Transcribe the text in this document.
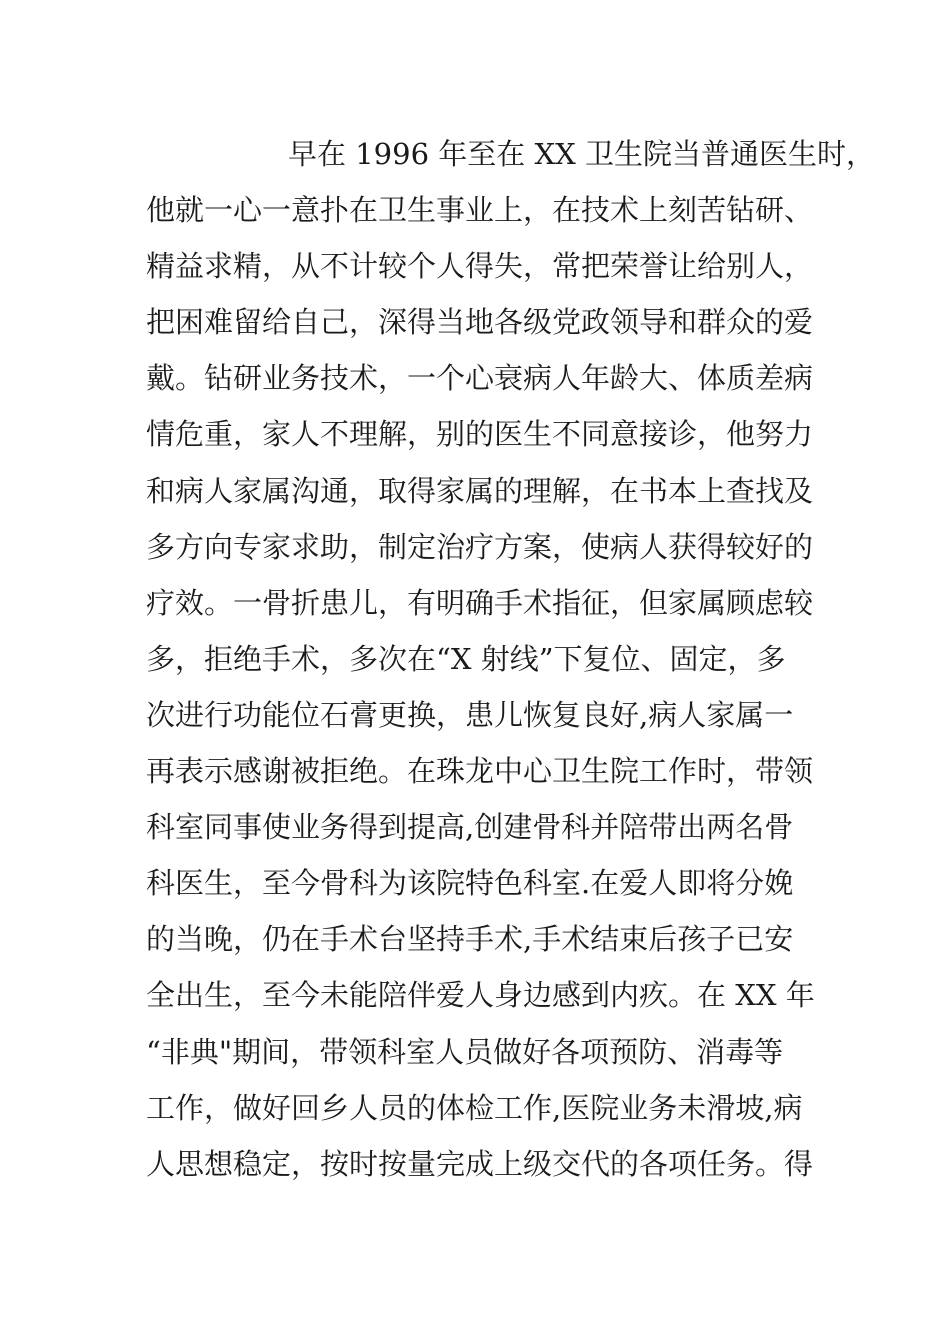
早在 1996 年至在 XX 卫生院当普通医生时，
他就一心一意扑在卫生事业上，在技术上刻苦钻研、
精益求精，从不计较个人得失，常把荣誉让给别人，
把困难留给自己，深得当地各级党政领导和群众的爱
戴。钻研业务技术，一个心衰病人年龄大、体质差病
情危重，家人不理解，别的医生不同意接诊，他努力
和病人家属沟通，取得家属的理解，在书本上查找及
多方向专家求助，制定治疗方案，使病人获得较好的
疗效。一骨折患儿，有明确手术指征，但家属顾虑较
多，拒绝手术，多次在“X 射线”下复位、固定，多
次进行功能位石膏更换，患儿恢复良好,病人家属一
再表示感谢被拒绝。在珠龙中心卫生院工作时，带领
科室同事使业务得到提高,创建骨科并陪带出两名骨
科医生，至今骨科为该院特色科室.在爱人即将分娩
的当晚，仍在手术台坚持手术,手术结束后孩子已安
全出生，至今未能陪伴爱人身边感到内疚。在 XX 年
“非典"期间，带领科室人员做好各项预防、消毒等
工作，做好回乡人员的体检工作,医院业务未滑坡,病
人思想稳定，按时按量完成上级交代的各项任务。得
